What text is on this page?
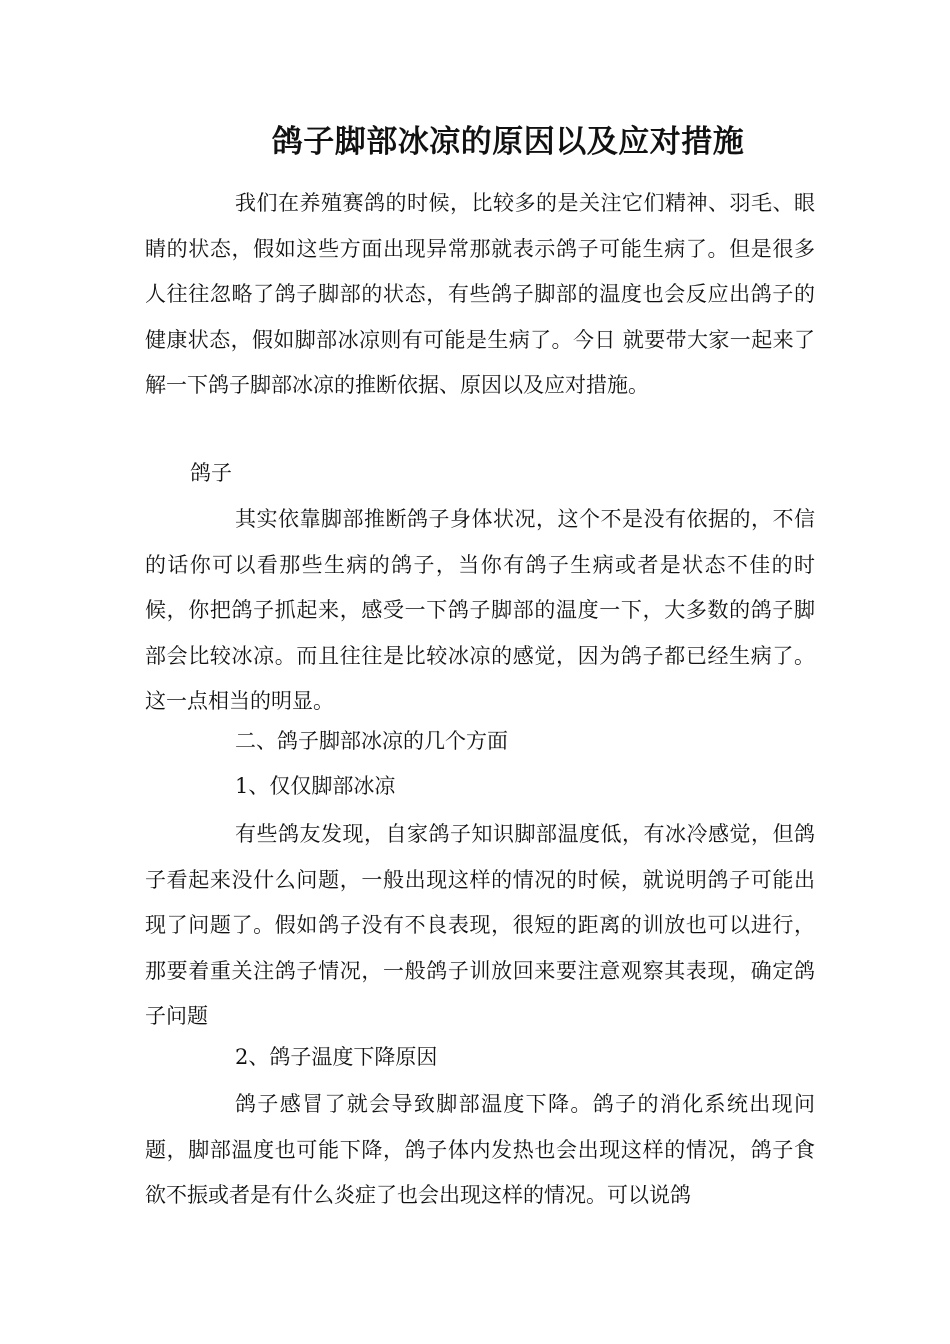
鸽子脚部冰凉的原因以及应对措施

我们在养殖赛鸽的时候，比较多的是关注它们精神、羽毛、眼睛的状态，假如这些方面出现异常那就表示鸽子可能生病了。但是很多人往往忽略了鸽子脚部的状态，有些鸽子脚部的温度也会反应出鸽子的健康状态，假如脚部冰凉则有可能是生病了。今日 就要带大家一起来了解一下鸽子脚部冰凉的推断依据、原因以及应对措施。

鸽子

其实依靠脚部推断鸽子身体状况，这个不是没有依据的，不信的话你可以看那些生病的鸽子，当你有鸽子生病或者是状态不佳的时候，你把鸽子抓起来，感受一下鸽子脚部的温度一下，大多数的鸽子脚部会比较冰凉。而且往往是比较冰凉的感觉，因为鸽子都已经生病了。这一点相当的明显。

二、鸽子脚部冰凉的几个方面

1、仅仅脚部冰凉

有些鸽友发现，自家鸽子知识脚部温度低，有冰冷感觉，但鸽子看起来没什么问题，一般出现这样的情况的时候，就说明鸽子可能出现了问题了。假如鸽子没有不良表现，很短的距离的训放也可以进行，那要着重关注鸽子情况，一般鸽子训放回来要注意观察其表现，确定鸽子问题

2、鸽子温度下降原因

鸽子感冒了就会导致脚部温度下降。鸽子的消化系统出现问题，脚部温度也可能下降，鸽子体内发热也会出现这样的情况，鸽子食欲不振或者是有什么炎症了也会出现这样的情况。可以说鸽
